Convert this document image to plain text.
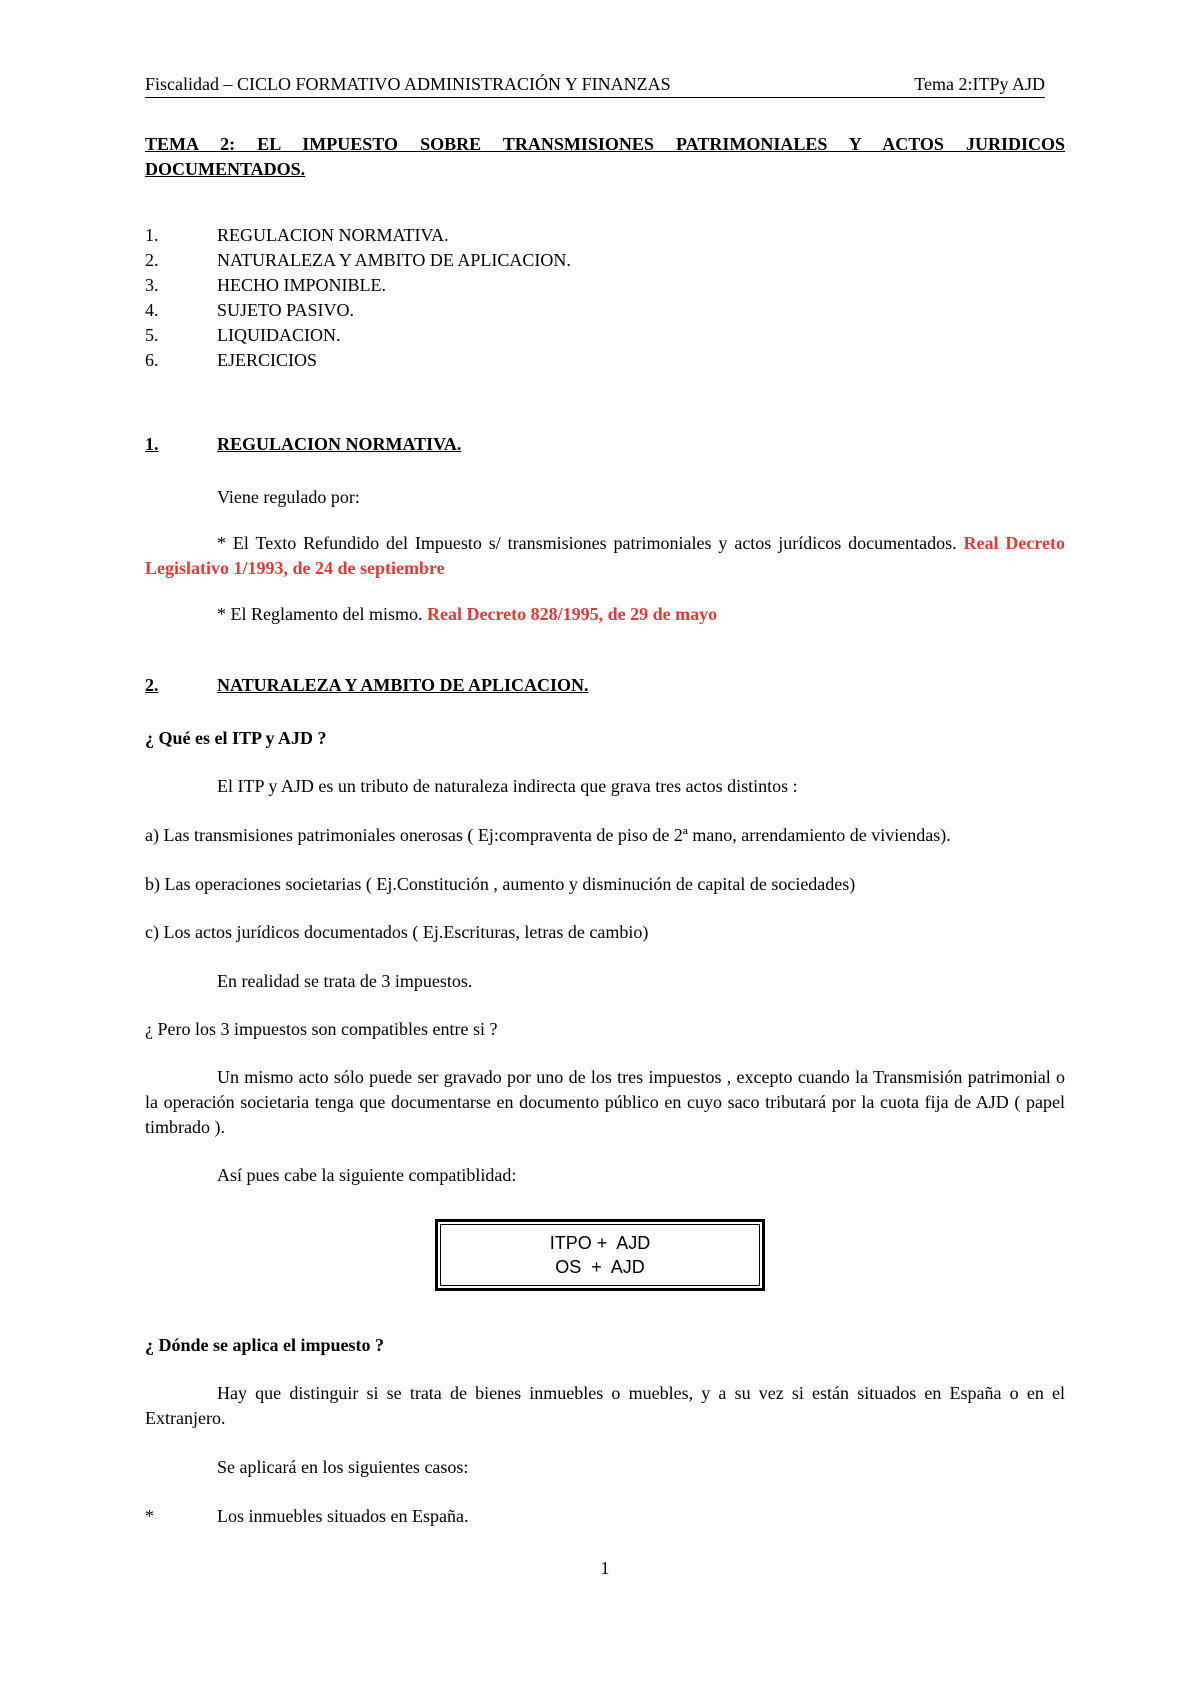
Fiscalidad – CICLO FORMATIVO ADMINISTRACIÓN Y FINANZAS	Tema 2:ITPy AJD
TEMA 2: EL IMPUESTO SOBRE TRANSMISIONES PATRIMONIALES Y ACTOS JURIDICOS DOCUMENTADOS.
1.	REGULACION NORMATIVA.
2.	NATURALEZA Y AMBITO DE APLICACION.
3.	HECHO IMPONIBLE.
4.	SUJETO PASIVO.
5.	LIQUIDACION.
6.	EJERCICIOS
1.	REGULACION NORMATIVA.
Viene regulado por:
* El Texto Refundido del Impuesto s/ transmisiones patrimoniales y actos jurídicos documentados. Real Decreto Legislativo 1/1993, de 24 de septiembre
* El Reglamento del mismo. Real Decreto 828/1995, de 29 de mayo
2.	NATURALEZA Y AMBITO DE APLICACION.
¿ Qué es el ITP y AJD ?
El ITP y AJD es un tributo de naturaleza indirecta que grava tres actos distintos :
a) Las transmisiones patrimoniales onerosas ( Ej:compraventa de piso de 2ª mano, arrendamiento de viviendas).
b) Las operaciones societarias ( Ej.Constitución , aumento y disminución de capital de sociedades)
c) Los actos jurídicos documentados ( Ej.Escrituras, letras de cambio)
En realidad se trata de 3 impuestos.
¿ Pero los 3 impuestos son compatibles entre si ?
Un mismo acto sólo puede ser gravado por uno de los tres impuestos , excepto cuando la Transmisión patrimonial o la operación societaria tenga que documentarse en documento público en cuyo saco tributará por la cuota fija de AJD ( papel timbrado ).
Así pues cabe la siguiente compatiblidad:
ITPO +  AJD
OS  +  AJD
¿ Dónde se aplica el impuesto ?
Hay que distinguir si se trata de bienes inmuebles o muebles, y a su vez si están situados en España o en el Extranjero.
Se aplicará en los siguientes casos:
*	Los inmuebles situados en España.
1
